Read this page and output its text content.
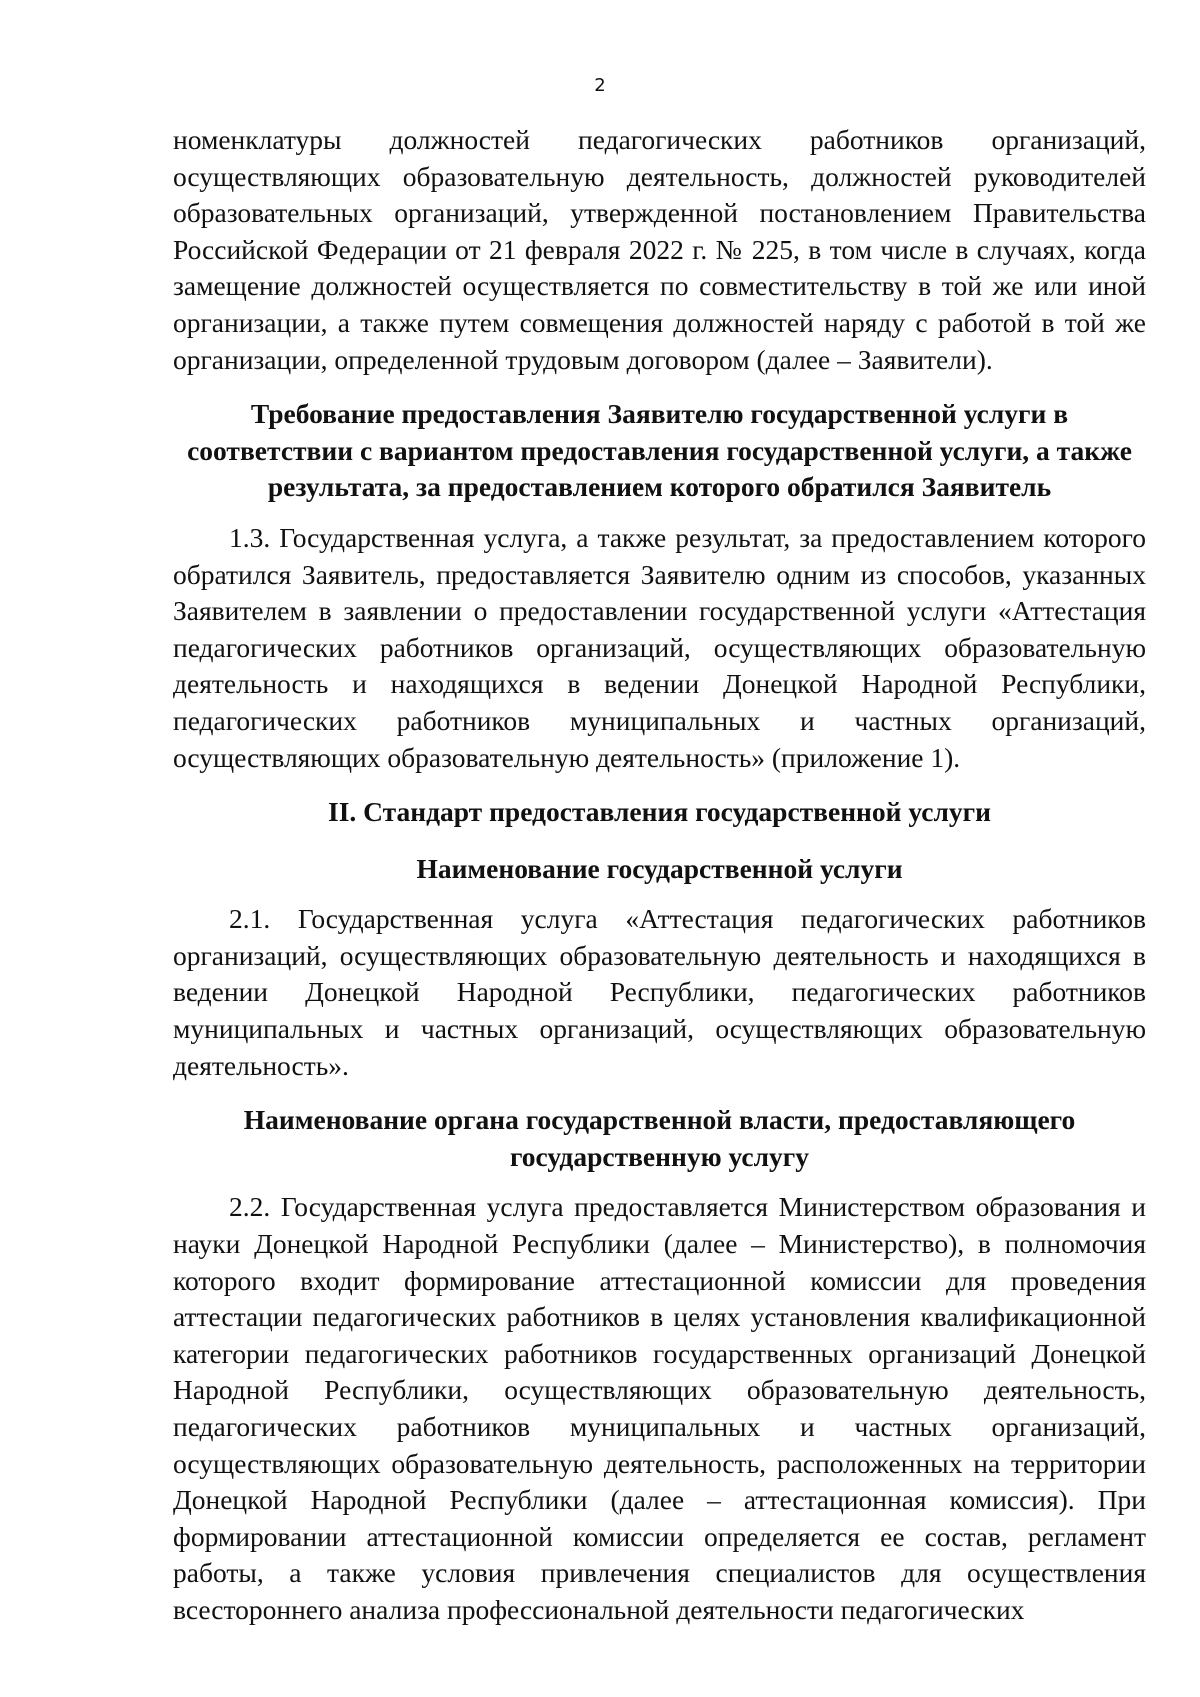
2

номенклатуры должностей педагогических работников организаций, осуществляющих образовательную деятельность, должностей руководителей образовательных организаций, утвержденной постановлением Правительства Российской Федерации от 21 февраля 2022 г. № 225, в том числе в случаях, когда замещение должностей осуществляется по совместительству в той же или иной организации, а также путем совмещения должностей наряду с работой в той же организации, определенной трудовым договором (далее – Заявители).

Требование предоставления Заявителю государственной услуги в соответствии с вариантом предоставления государственной услуги, а также результата, за предоставлением которого обратился Заявитель

1.3. Государственная услуга, а также результат, за предоставлением которого обратился Заявитель, предоставляется Заявителю одним из способов, указанных Заявителем в заявлении о предоставлении государственной услуги «Аттестация педагогических работников организаций, осуществляющих образовательную деятельность и находящихся в ведении Донецкой Народной Республики, педагогических работников муниципальных и частных организаций, осуществляющих образовательную деятельность» (приложение 1).

II. Стандарт предоставления государственной услуги
Наименование государственной услуги

2.1. Государственная услуга «Аттестация педагогических работников организаций, осуществляющих образовательную деятельность и находящихся в ведении Донецкой Народной Республики, педагогических работников муниципальных и частных организаций, осуществляющих образовательную деятельность».

Наименование органа государственной власти, предоставляющего государственную услугу

2.2. Государственная услуга предоставляется Министерством образования и науки Донецкой Народной Республики (далее – Министерство), в полномочия которого входит формирование аттестационной комиссии для проведения аттестации педагогических работников в целях установления квалификационной категории педагогических работников государственных организаций Донецкой Народной Республики, осуществляющих образовательную деятельность, педагогических работников муниципальных и частных организаций, осуществляющих образовательную деятельность, расположенных на территории Донецкой Народной Республики (далее – аттестационная комиссия). При формировании аттестационной комиссии определяется ее состав, регламент работы, а также условия привлечения специалистов для осуществления всестороннего анализа профессиональной деятельности педагогических
